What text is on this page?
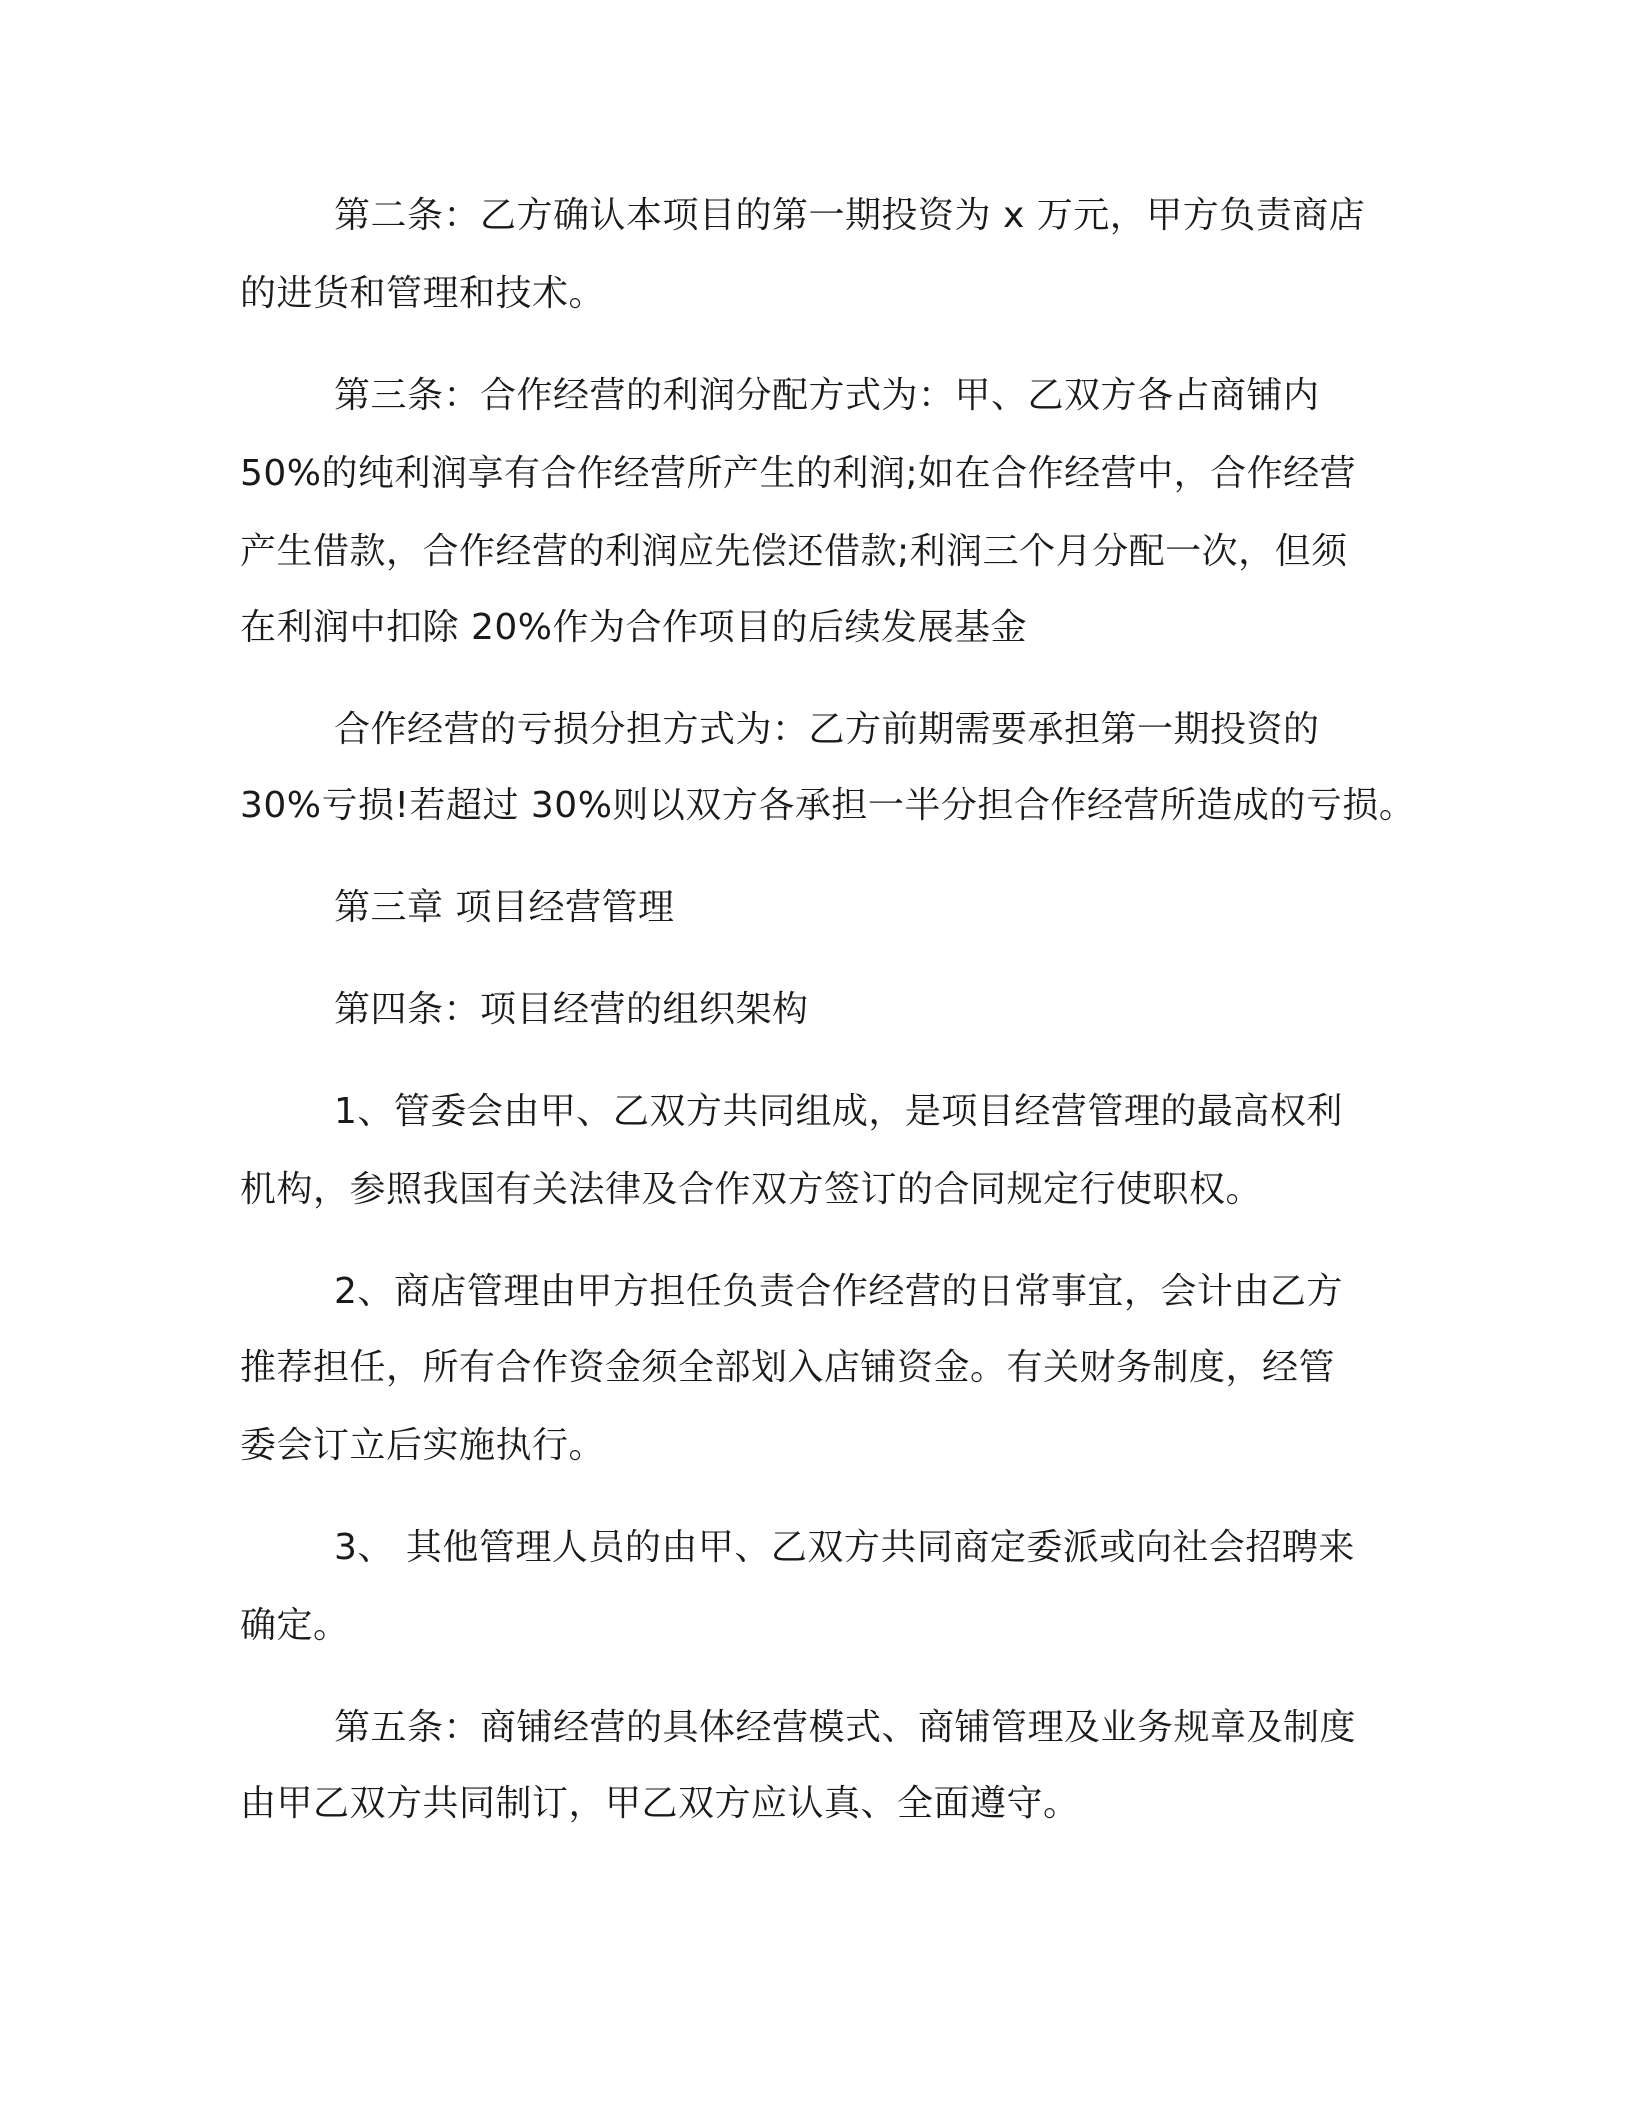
第二条：乙方确认本项目的第一期投资为 x 万元，甲方负责商店
的进货和管理和技术。
第三条：合作经营的利润分配方式为：甲、乙双方各占商铺内
50%的纯利润享有合作经营所产生的利润;如在合作经营中，合作经营
产生借款，合作经营的利润应先偿还借款;利润三个月分配一次，但须
在利润中扣除 20%作为合作项目的后续发展基金
合作经营的亏损分担方式为：乙方前期需要承担第一期投资的
30%亏损!若超过 30%则以双方各承担一半分担合作经营所造成的亏损。
第三章 项目经营管理
第四条：项目经营的组织架构
1、管委会由甲、乙双方共同组成，是项目经营管理的最高权利
机构，参照我国有关法律及合作双方签订的合同规定行使职权。
2、商店管理由甲方担任负责合作经营的日常事宜，会计由乙方
推荐担任，所有合作资金须全部划入店铺资金。有关财务制度，经管
委会订立后实施执行。
3、 其他管理人员的由甲、乙双方共同商定委派或向社会招聘来
确定。
第五条：商铺经营的具体经营模式、商铺管理及业务规章及制度
由甲乙双方共同制订，甲乙双方应认真、全面遵守。
